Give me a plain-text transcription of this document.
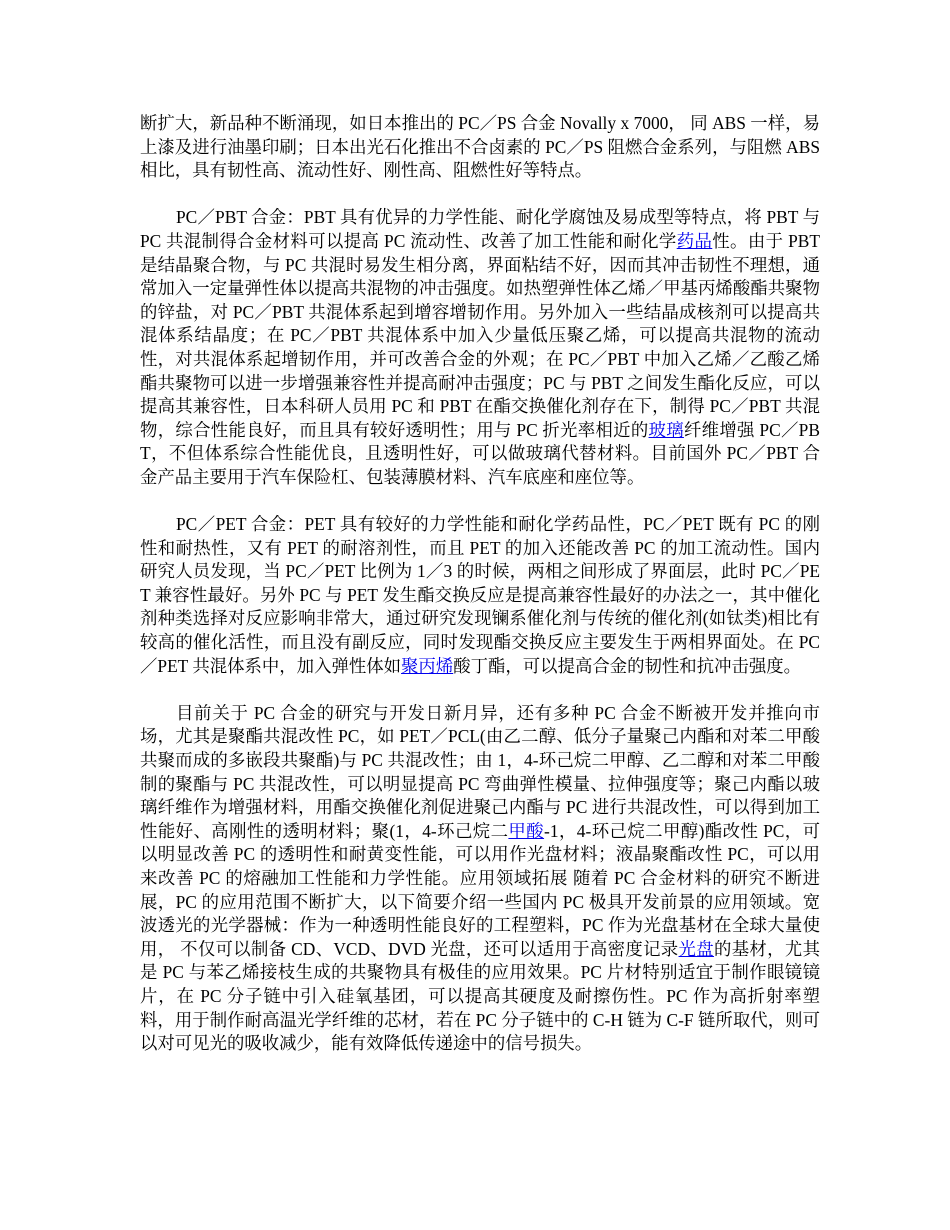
断扩大，新品种不断涌现，如日本推出的 PC／PS 合金 Novally x 7000， 同 ABS 一样，易上漆及进行油墨印刷；日本出光石化推出不合卤素的 PC／PS 阻燃合金系列，与阻燃 ABS 相比，具有韧性高、流动性好、刚性高、阻燃性好等特点。

PC／PBT 合金：PBT 具有优异的力学性能、耐化学腐蚀及易成型等特点，将 PBT 与 PC 共混制得合金材料可以提高 PC 流动性、改善了加工性能和耐化学药品性。由于 PBT 是结晶聚合物，与 PC 共混时易发生相分离，界面粘结不好，因而其冲击韧性不理想，通常加入一定量弹性体以提高共混物的冲击强度。如热塑弹性体乙烯／甲基丙烯酸酯共聚物的锌盐，对 PC／PBT 共混体系起到增容增韧作用。另外加入一些结晶成核剂可以提高共混体系结晶度；在 PC／PBT 共混体系中加入少量低压聚乙烯，可以提高共混物的流动性，对共混体系起增韧作用，并可改善合金的外观；在 PC／PBT 中加入乙烯／乙酸乙烯酯共聚物可以进一步增强兼容性并提高耐冲击强度；PC 与 PBT 之间发生酯化反应，可以提高其兼容性，日本科研人员用 PC 和 PBT 在酯交换催化剂存在下，制得 PC／PBT 共混物，综合性能良好，而且具有较好透明性；用与 PC 折光率相近的玻璃纤维增强 PC／PBT，不但体系综合性能优良，且透明性好，可以做玻璃代替材料。目前国外 PC／PBT 合金产品主要用于汽车保险杠、包装薄膜材料、汽车底座和座位等。

PC／PET 合金：PET 具有较好的力学性能和耐化学药品性，PC／PET 既有 PC 的刚性和耐热性，又有 PET 的耐溶剂性，而且 PET 的加入还能改善 PC 的加工流动性。国内研究人员发现，当 PC／PET 比例为 1／3 的时候，两相之间形成了界面层，此时 PC／PET 兼容性最好。另外 PC 与 PET 发生酯交换反应是提高兼容性最好的办法之一，其中催化剂种类选择对反应影响非常大，通过研究发现镧系催化剂与传统的催化剂(如钛类)相比有较高的催化活性，而且没有副反应，同时发现酯交换反应主要发生于两相界面处。在 PC／PET 共混体系中，加入弹性体如聚丙烯酸丁酯，可以提高合金的韧性和抗冲击强度。

目前关于 PC 合金的研究与开发日新月异，还有多种 PC 合金不断被开发并推向市场，尤其是聚酯共混改性 PC，如 PET／PCL(由乙二醇、低分子量聚己内酯和对苯二甲酸共聚而成的多嵌段共聚酯)与 PC 共混改性；由 1，4-环己烷二甲醇、乙二醇和对苯二甲酸制的聚酯与 PC 共混改性，可以明显提高 PC 弯曲弹性模量、拉伸强度等；聚己内酯以玻璃纤维作为增强材料，用酯交换催化剂促进聚己内酯与 PC 进行共混改性，可以得到加工性能好、高刚性的透明材料；聚(1，4-环己烷二甲酸-1，4-环己烷二甲醇)酯改性 PC，可以明显改善 PC 的透明性和耐黄变性能，可以用作光盘材料；液晶聚酯改性 PC，可以用来改善 PC 的熔融加工性能和力学性能。应用领域拓展 随着 PC 合金材料的研究不断进展，PC 的应用范围不断扩大，以下简要介绍一些国内 PC 极具开发前景的应用领域。宽波透光的光学器械：作为一种透明性能良好的工程塑料，PC 作为光盘基材在全球大量使用， 不仅可以制备 CD、VCD、DVD 光盘，还可以适用于高密度记录光盘的基材，尤其是 PC 与苯乙烯接枝生成的共聚物具有极佳的应用效果。PC 片材特别适宜于制作眼镜镜片，在 PC 分子链中引入硅氧基团，可以提高其硬度及耐擦伤性。PC 作为高折射率塑料，用于制作耐高温光学纤维的芯材，若在 PC 分子链中的 C-H 链为 C-F 链所取代，则可以对可见光的吸收减少，能有效降低传递途中的信号损失。
